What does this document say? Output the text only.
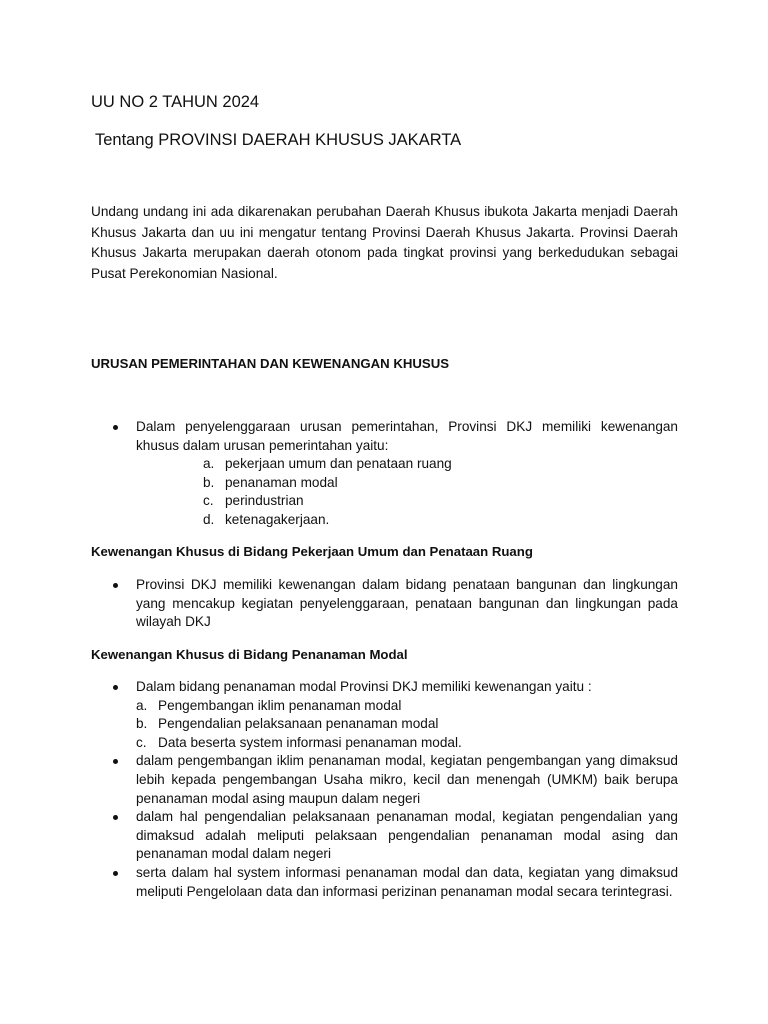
UU NO 2 TAHUN 2024
Tentang PROVINSI DAERAH KHUSUS JAKARTA

Undang undang ini ada dikarenakan perubahan Daerah Khusus ibukota Jakarta menjadi Daerah Khusus Jakarta dan uu ini mengatur tentang Provinsi Daerah Khusus Jakarta. Provinsi Daerah Khusus Jakarta merupakan daerah otonom pada tingkat provinsi yang berkedudukan sebagai Pusat Perekonomian Nasional.

URUSAN PEMERINTAHAN DAN KEWENANGAN KHUSUS
Dalam penyelenggaraan urusan pemerintahan, Provinsi DKJ memiliki kewenangan khusus dalam urusan pemerintahan yaitu:
a. pekerjaan umum dan penataan ruang
b. penanaman modal
c. perindustrian
d. ketenagakerjaan.
Kewenangan Khusus di Bidang Pekerjaan Umum dan Penataan Ruang
Provinsi DKJ memiliki kewenangan dalam bidang penataan bangunan dan lingkungan yang mencakup kegiatan penyelenggaraan, penataan bangunan dan lingkungan pada wilayah DKJ
Kewenangan Khusus di Bidang Penanaman Modal
Dalam bidang penanaman modal Provinsi DKJ memiliki kewenangan yaitu :
a. Pengembangan iklim penanaman modal
b. Pengendalian pelaksanaan penanaman modal
c. Data beserta system informasi penanaman modal.
dalam pengembangan iklim penanaman modal, kegiatan pengembangan yang dimaksud lebih kepada pengembangan Usaha mikro, kecil dan menengah (UMKM) baik berupa penanaman modal asing maupun dalam negeri
dalam hal pengendalian pelaksanaan penanaman modal, kegiatan pengendalian yang dimaksud adalah meliputi pelaksaan pengendalian penanaman modal asing dan penanaman modal dalam negeri
serta dalam hal system informasi penanaman modal dan data, kegiatan yang dimaksud meliputi Pengelolaan data dan informasi perizinan penanaman modal secara terintegrasi.
